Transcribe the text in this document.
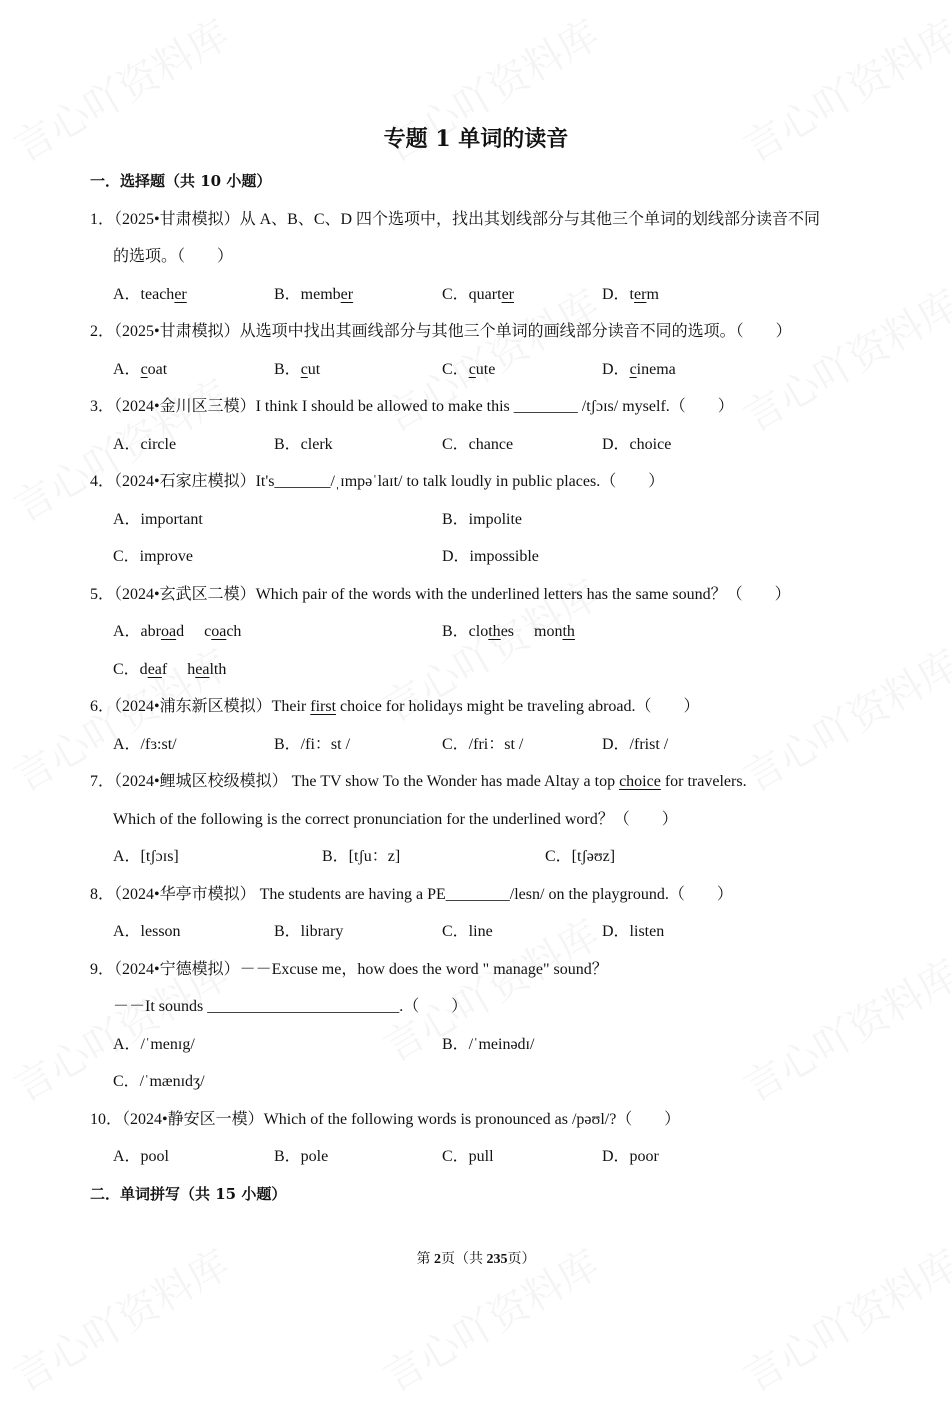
专题 1 单词的读音
一．选择题（共 10 小题）
1．（2025•甘肃模拟）从 A、B、C、D 四个选项中，找出其划线部分与其他三个单词的划线部分读音不同
的选项。（　　）
A．teacher	B．member	C．quarter	D．term
2．（2025•甘肃模拟）从选项中找出其画线部分与其他三个单词的画线部分读音不同的选项。（　　）
A．coat	B．cut	C．cute	D．cinema
3．（2024•金川区三模）I think I should be allowed to make this ________ /tʃɔɪs/ myself.（　　）
A．circle	B．clerk	C．chance	D．choice
4．（2024•石家庄模拟）It's_______/ˌɪmpəˈlaɪt/ to talk loudly in public places.（　　）
A．important	B．impolite
C．improve	D．impossible
5．（2024•玄武区二模）Which pair of the words with the underlined letters has the same sound？（　　）
A．abroad　 coach	B．clothes　 month
C．deaf　 health
6．（2024•浦东新区模拟）Their first choice for holidays might be traveling abroad.（　　）
A．/fɜ:st/	B．/fi：st /	C．/fri：st /	D．/frist /
7．（2024•鲤城区校级模拟） The TV show To the Wonder has made Altay a top choice for travelers.
Which of the following is the correct pronunciation for the underlined word？（　　）
A．[tʃɔɪs]	B．[tʃu：z]	C．[tʃəʊz]
8．（2024•华亭市模拟） The students are having a PE________/lesn/ on the playground.（　　）
A．lesson	B．library	C．line	D．listen
9．（2024•宁德模拟）－－Excuse me，how does the word " manage" sound？
－－It sounds ________________________.（　　）
A．/ˈmenɪg/	B．/ˈmeinədɪ/
C．/ˈmænɪdʒ/
10．（2024•静安区一模）Which of the following words is pronounced as /pəʊl/?（　　）
A．pool	B．pole	C．pull	D．poor
二．单词拼写（共 15 小题）
第 2页（共 235页）
